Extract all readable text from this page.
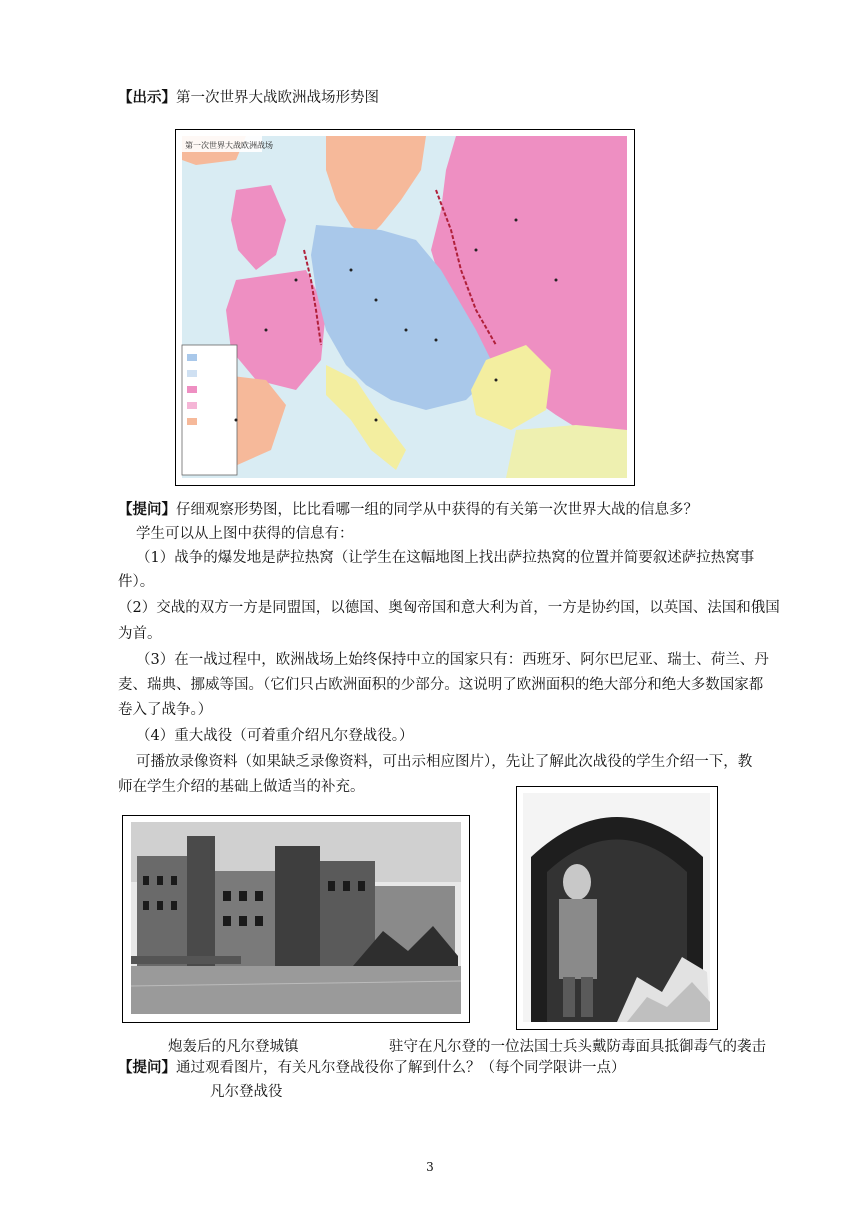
【出示】第一次世界大战欧洲战场形势图
第一次世界大战欧洲战场
【提问】仔细观察形势图，比比看哪一组的同学从中获得的有关第一次世界大战的信息多？
学生可以从上图中获得的信息有：
（1）战争的爆发地是萨拉热窝（让学生在这幅地图上找出萨拉热窝的位置并简要叙述萨拉热窝事
件）。
（2）交战的双方一方是同盟国，以德国、奥匈帝国和意大利为首，一方是协约国，以英国、法国和俄国
为首。
（3）在一战过程中，欧洲战场上始终保持中立的国家只有：西班牙、阿尔巴尼亚、瑞士、荷兰、丹
麦、瑞典、挪威等国。（它们只占欧洲面积的少部分。这说明了欧洲面积的绝大部分和绝大多数国家都
卷入了战争。）
（4）重大战役（可着重介绍凡尔登战役。）
可播放录像资料（如果缺乏录像资料，可出示相应图片），先让了解此次战役的学生介绍一下，教
师在学生介绍的基础上做适当的补充。
炮轰后的凡尔登城镇	驻守在凡尔登的一位法国士兵头戴防毒面具抵御毒气的袭击
【提问】通过观看图片，有关凡尔登战役你了解到什么？（每个同学限讲一点）
凡尔登战役
3
